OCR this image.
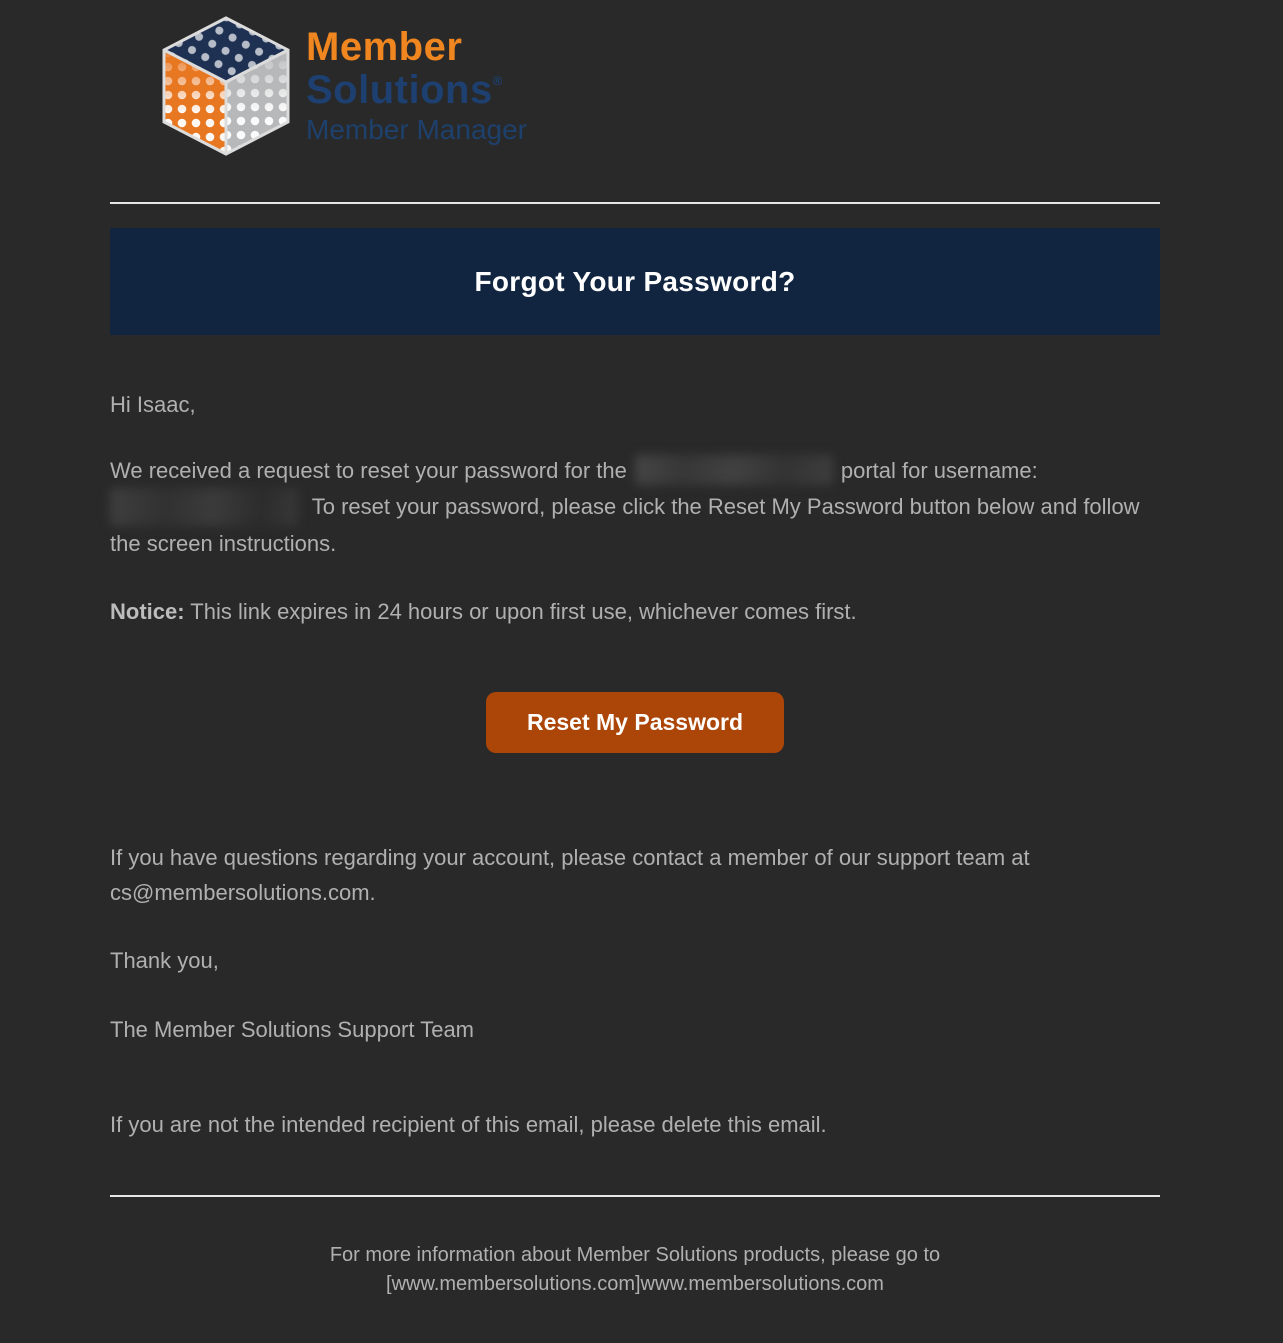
Member
Solutions®
Member Manager
Forgot Your Password?

Hi Isaac,

We received a request to reset your password for the	portal for username:  To reset your password, please click the Reset My Password button below and follow the screen instructions.

Notice: This link expires in 24 hours or upon first use, whichever comes first.

Reset My Password

If you have questions regarding your account, please contact a member of our support team at cs@membersolutions.com.

Thank you,

The Member Solutions Support Team

If you are not the intended recipient of this email, please delete this email.

For more information about Member Solutions products, please go to
[www.membersolutions.com]www.membersolutions.com
